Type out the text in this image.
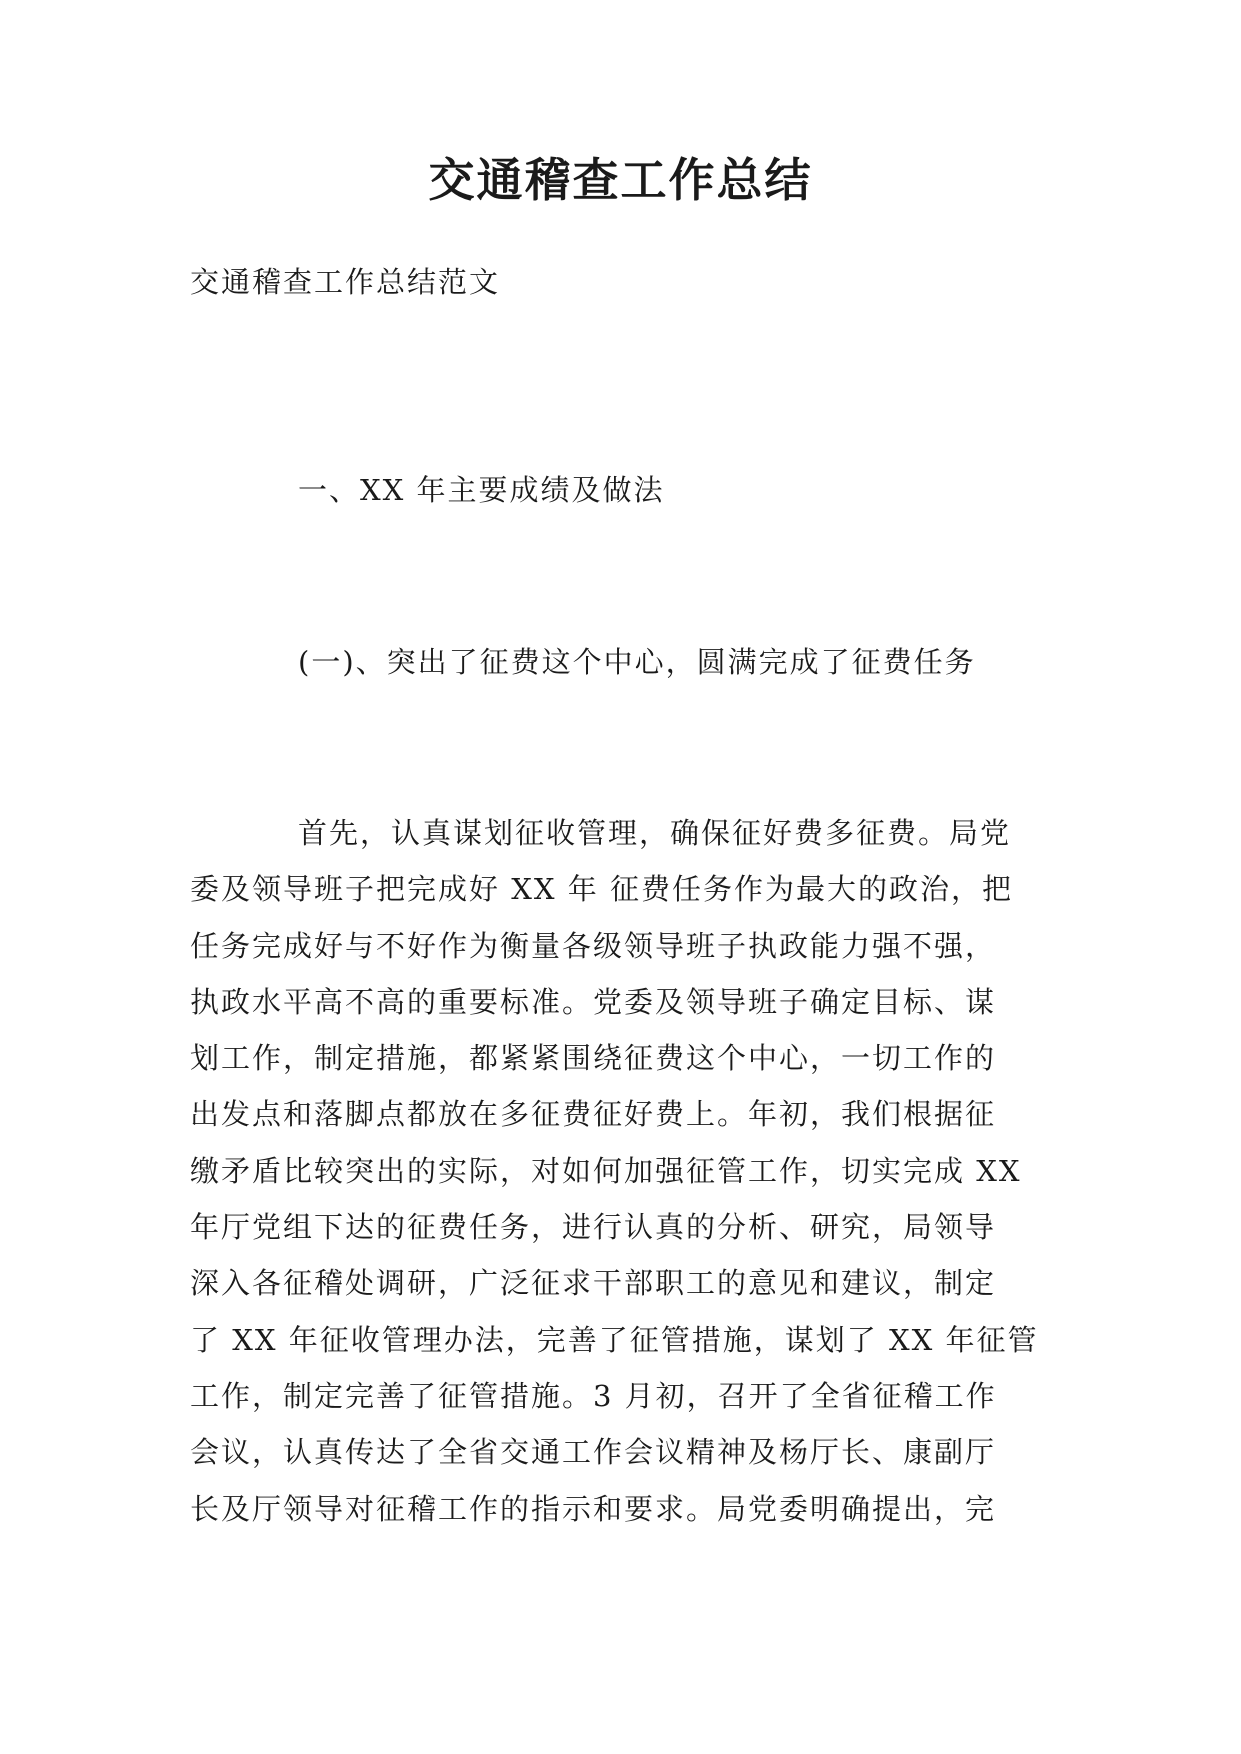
交通稽查工作总结
交通稽查工作总结范文
一、XX 年主要成绩及做法
(一)、突出了征费这个中心，圆满完成了征费任务
首先，认真谋划征收管理，确保征好费多征费。局党
委及领导班子把完成好 XX 年 征费任务作为最大的政治，把
任务完成好与不好作为衡量各级领导班子执政能力强不强，
执政水平高不高的重要标准。党委及领导班子确定目标、谋
划工作，制定措施，都紧紧围绕征费这个中心，一切工作的
出发点和落脚点都放在多征费征好费上。年初，我们根据征
缴矛盾比较突出的实际，对如何加强征管工作，切实完成 XX
年厅党组下达的征费任务，进行认真的分析、研究，局领导
深入各征稽处调研，广泛征求干部职工的意见和建议，制定
了 XX 年征收管理办法，完善了征管措施，谋划了 XX 年征管
工作，制定完善了征管措施。3 月初，召开了全省征稽工作
会议，认真传达了全省交通工作会议精神及杨厅长、康副厅
长及厅领导对征稽工作的指示和要求。局党委明确提出，完
